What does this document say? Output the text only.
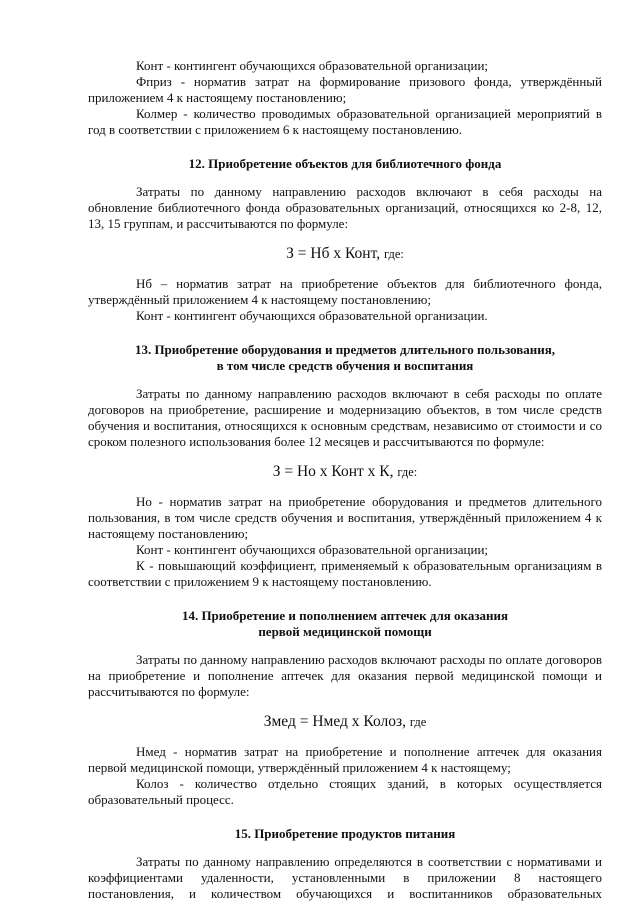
Конт - контингент обучающихся образовательной организации;

Фприз - норматив затрат на формирование призового фонда, утверждённый приложением 4 к настоящему постановлению;

Колмер - количество проводимых образовательной организацией мероприятий в год в соответствии с приложением 6 к настоящему постановлению.

12. Приобретение объектов для библиотечного фонда

Затраты по данному направлению расходов включают в себя расходы на обновление библиотечного фонда образовательных организаций, относящихся ко 2-8, 12, 13, 15 группам, и рассчитываются по формуле:

З = Нб х Конт, где:

Нб – норматив затрат на приобретение объектов для библиотечного фонда, утверждённый приложением 4 к настоящему постановлению;

Конт - контингент обучающихся образовательной организации.

13. Приобретение оборудования и предметов длительного пользования,
в том числе средств обучения и воспитания

Затраты по данному направлению расходов включают в себя расходы по оплате договоров на приобретение, расширение и модернизацию объектов, в том числе средств обучения и воспитания, относящихся к основным средствам, независимо от стоимости и со сроком полезного использования более 12 месяцев и рассчитываются по формуле:

З = Но х Конт х К, где:

Но - норматив затрат на приобретение оборудования и предметов длительного пользования, в том числе средств обучения и воспитания, утверждённый приложением 4 к настоящему постановлению;

Конт - контингент обучающихся образовательной организации;

К - повышающий коэффициент, применяемый к образовательным организациям в соответствии с приложением 9 к настоящему постановлению.

14. Приобретение и пополнением аптечек для оказания
первой медицинской помощи

Затраты по данному направлению расходов включают расходы по оплате договоров на приобретение и пополнение аптечек для оказания первой медицинской помощи и рассчитываются по формуле:

Змед = Нмед х Колоз, где

Нмед - норматив затрат на приобретение и пополнение аптечек для оказания первой медицинской помощи, утверждённый приложением 4 к настоящему;

Колоз - количество отдельно стоящих зданий, в которых осуществляется образовательный процесс.

15. Приобретение продуктов питания

Затраты по данному направлению определяются в соответствии с нормативами и коэффициентами удаленности, установленными в приложении 8 настоящего постановления, и количеством обучающихся и воспитанников образовательных
